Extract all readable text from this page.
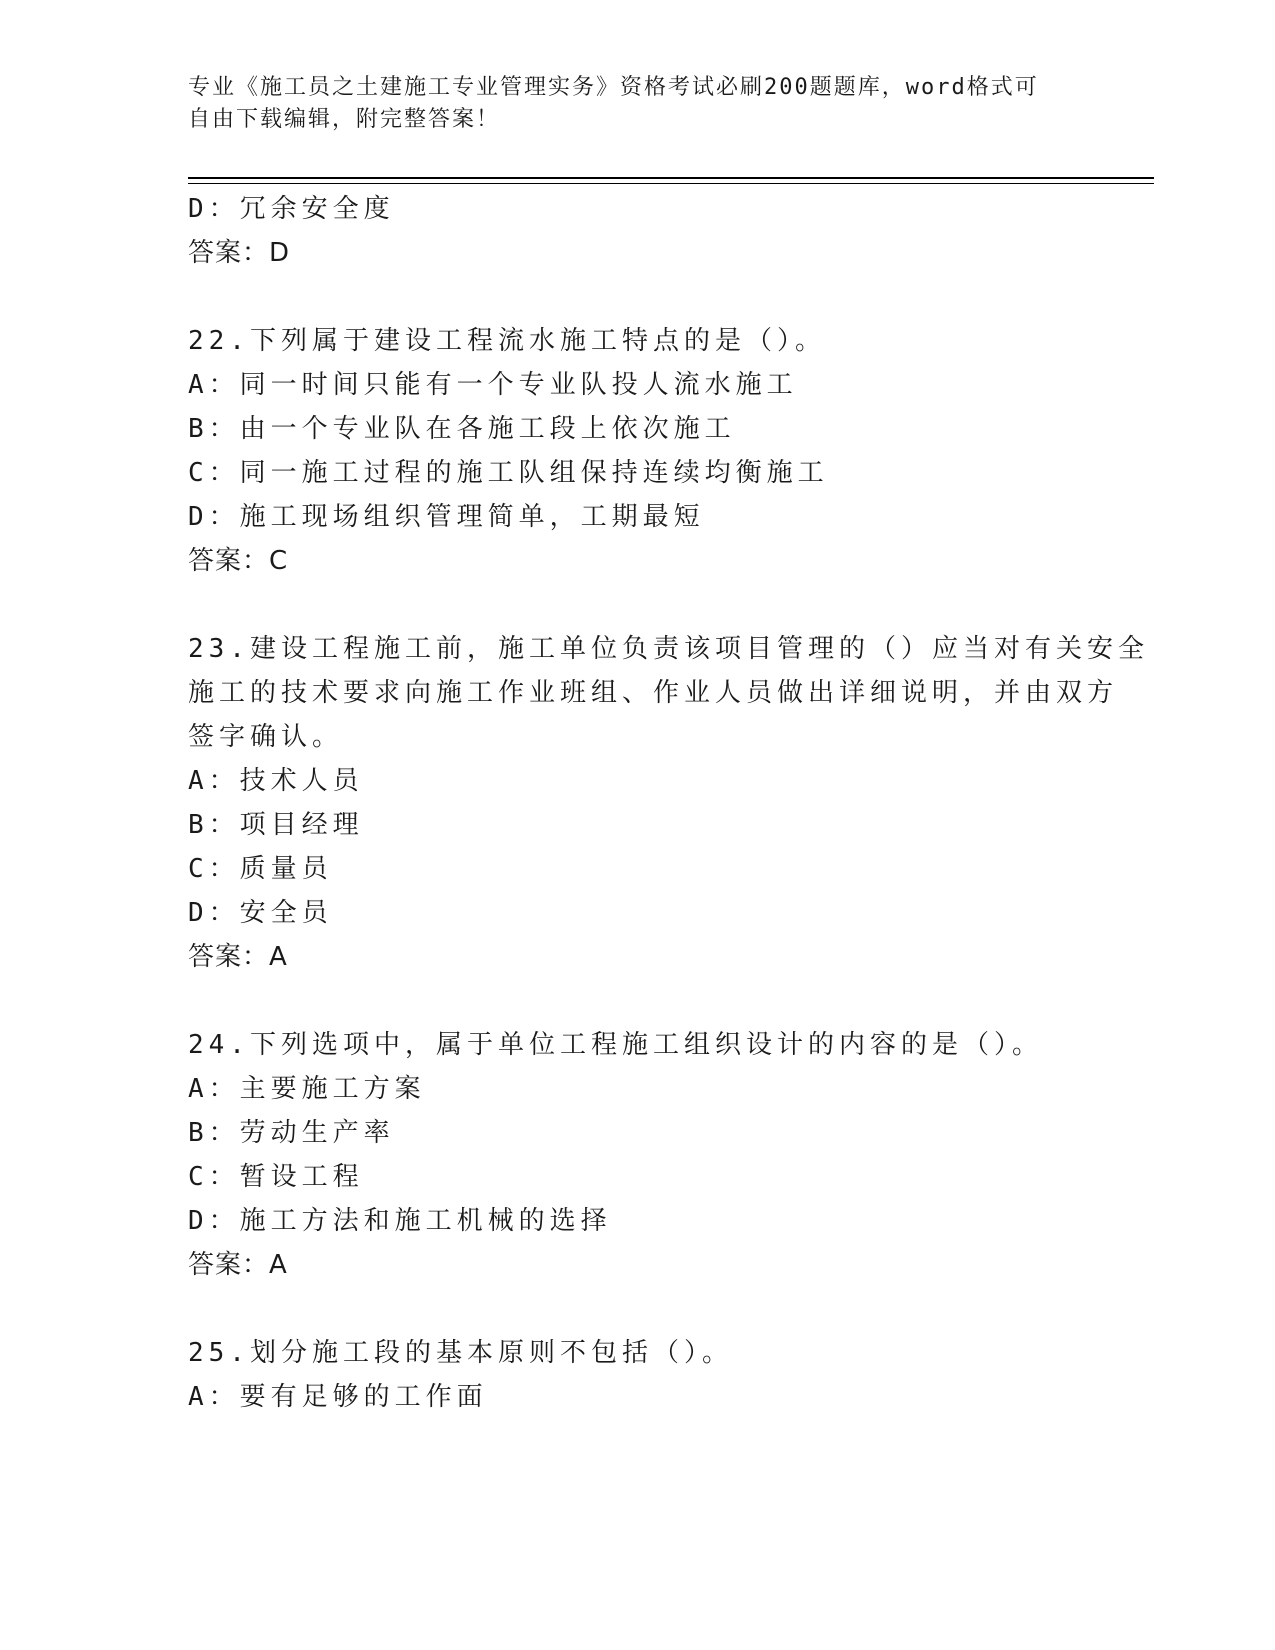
专业《施工员之土建施工专业管理实务》资格考试必刷200题题库，word格式可
自由下载编辑，附完整答案！
D：冗余安全度
答案：D
22.下列属于建设工程流水施工特点的是（）。
A：同一时间只能有一个专业队投人流水施工
B：由一个专业队在各施工段上依次施工
C：同一施工过程的施工队组保持连续均衡施工
D：施工现场组织管理简单，工期最短
答案：C
23.建设工程施工前，施工单位负责该项目管理的（）应当对有关安全
施工的技术要求向施工作业班组、作业人员做出详细说明，并由双方
签字确认。
A：技术人员
B：项目经理
C：质量员
D：安全员
答案：A
24.下列选项中，属于单位工程施工组织设计的内容的是（）。
A：主要施工方案
B：劳动生产率
C：暂设工程
D：施工方法和施工机械的选择
答案：A
25.划分施工段的基本原则不包括（）。
A：要有足够的工作面
